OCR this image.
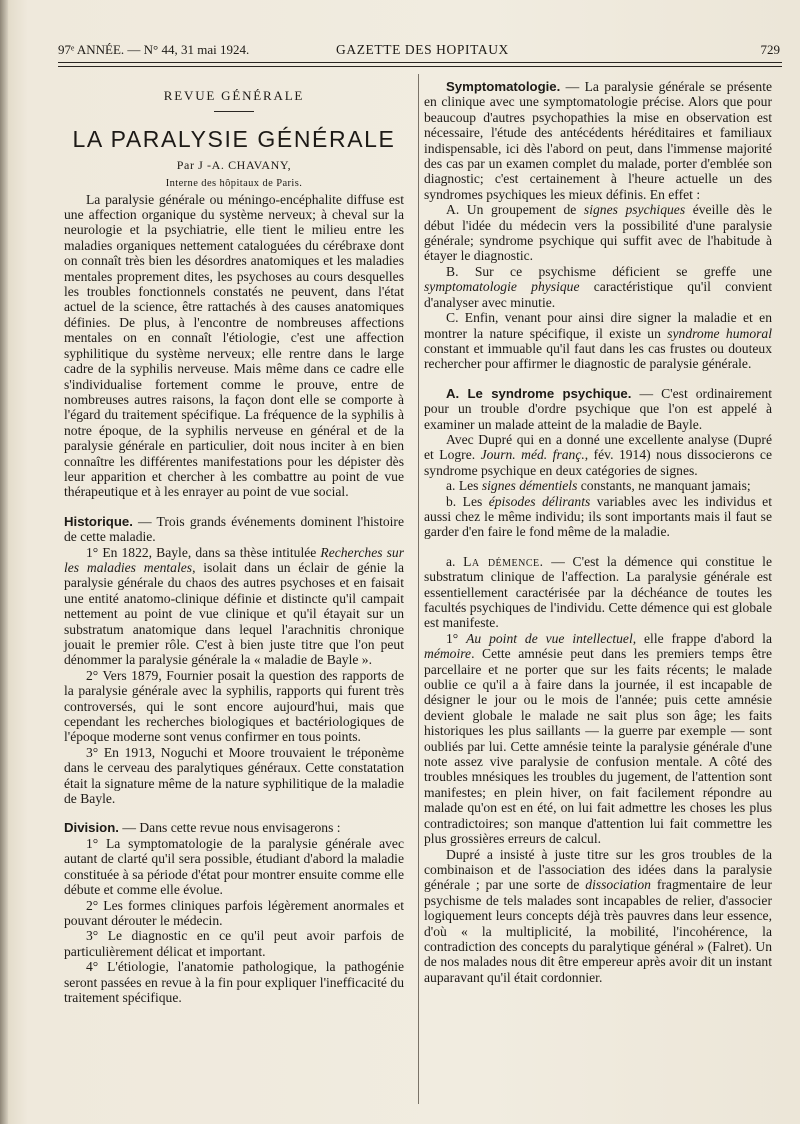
97ᵉ ANNÉE. — N° 44, 31 mai 1924.	GAZETTE DES HOPITAUX	729
REVUE GÉNÉRALE
LA PARALYSIE GÉNÉRALE
Par J -A. CHAVANY,
Interne des hôpitaux de Paris.

La paralysie générale ou méningo-encéphalite diffuse est une affection organique du système nerveux; à cheval sur la neurologie et la psychiatrie, elle tient le milieu entre les maladies organiques nettement cataloguées du cérébraxe dont on connaît très bien les désordres anatomiques et les maladies mentales proprement dites, les psychoses au cours desquelles les troubles fonctionnels constatés ne peuvent, dans l'état actuel de la science, être rattachés à des causes anatomiques définies. De plus, à l'encontre de nombreuses affections mentales on en connaît l'étiologie, c'est une affection syphilitique du système nerveux; elle rentre dans le large cadre de la syphilis nerveuse. Mais même dans ce cadre elle s'individualise fortement comme le prouve, entre de nombreuses autres raisons, la façon dont elle se comporte à l'égard du traitement spécifique. La fréquence de la syphilis à notre époque, de la syphilis nerveuse en général et de la paralysie générale en particulier, doit nous inciter à en bien connaître les différentes manifestations pour les dépister dès leur apparition et chercher à les combattre au point de vue thérapeutique et à les enrayer au point de vue social.

Historique. — Trois grands événements dominent l'histoire de cette maladie.

1° En 1822, Bayle, dans sa thèse intitulée Recherches sur les maladies mentales, isolait dans un éclair de génie la paralysie générale du chaos des autres psychoses et en faisait une entité anatomo-clinique définie et distincte qu'il campait nettement au point de vue clinique et qu'il étayait sur un substratum anatomique dans lequel l'arachnitis chronique jouait le premier rôle. C'est à bien juste titre que l'on peut dénommer la paralysie générale la « maladie de Bayle ».

2° Vers 1879, Fournier posait la question des rapports de la paralysie générale avec la syphilis, rapports qui furent très controversés, qui le sont encore aujourd'hui, mais que cependant les recherches biologiques et bactériologiques de l'époque moderne sont venus confirmer en tous points.

3° En 1913, Noguchi et Moore trouvaient le tréponème dans le cerveau des paralytiques généraux. Cette constatation était la signature même de la nature syphilitique de la maladie de Bayle.

Division. — Dans cette revue nous envisagerons :

1° La symptomatologie de la paralysie générale avec autant de clarté qu'il sera possible, étudiant d'abord la maladie constituée à sa période d'état pour montrer ensuite comme elle débute et comme elle évolue.

2° Les formes cliniques parfois légèrement anormales et pouvant dérouter le médecin.

3° Le diagnostic en ce qu'il peut avoir parfois de particulièrement délicat et important.

4° L'étiologie, l'anatomie pathologique, la pathogénie seront passées en revue à la fin pour expliquer l'inefficacité du traitement spécifique.

Symptomatologie. — La paralysie générale se présente en clinique avec une symptomatologie précise. Alors que pour beaucoup d'autres psychopathies la mise en observation est nécessaire, l'étude des antécédents héréditaires et familiaux indispensable, ici dès l'abord on peut, dans l'immense majorité des cas par un examen complet du malade, porter d'emblée son diagnostic; c'est certainement à l'heure actuelle un des syndromes psychiques les mieux définis. En effet :

A. Un groupement de signes psychiques éveille dès le début l'idée du médecin vers la possibilité d'une paralysie générale; syndrome psychique qui suffit avec de l'habitude à étayer le diagnostic.

B. Sur ce psychisme déficient se greffe une symptomatologie physique caractéristique qu'il convient d'analyser avec minutie.

C. Enfin, venant pour ainsi dire signer la maladie et en montrer la nature spécifique, il existe un syndrome humoral constant et immuable qu'il faut dans les cas frustes ou douteux rechercher pour affirmer le diagnostic de paralysie générale.

A. Le syndrome psychique. — C'est ordinairement pour un trouble d'ordre psychique que l'on est appelé à examiner un malade atteint de la maladie de Bayle.

Avec Dupré qui en a donné une excellente analyse (Dupré et Logre. Journ. méd. franç., fév. 1914) nous dissocierons ce syndrome psychique en deux catégories de signes.

a. Les signes démentiels constants, ne manquant jamais;

b. Les épisodes délirants variables avec les individus et aussi chez le même individu; ils sont importants mais il faut se garder d'en faire le fond même de la maladie.

a. La démence. — C'est la démence qui constitue le substratum clinique de l'affection. La paralysie générale est essentiellement caractérisée par la déchéance de toutes les facultés psychiques de l'individu. Cette démence qui est globale est manifeste.

1° Au point de vue intellectuel, elle frappe d'abord la mémoire. Cette amnésie peut dans les premiers temps être parcellaire et ne porter que sur les faits récents; le malade oublie ce qu'il a à faire dans la journée, il est incapable de désigner le jour ou le mois de l'année; puis cette amnésie devient globale le malade ne sait plus son âge; les faits historiques les plus saillants — la guerre par exemple — sont oubliés par lui. Cette amnésie teinte la paralysie générale d'une note assez vive paralysie de confusion mentale. A côté des troubles mnésiques les troubles du jugement, de l'attention sont manifestes; en plein hiver, on fait facilement répondre au malade qu'on est en été, on lui fait admettre les choses les plus contradictoires; son manque d'attention lui fait commettre les plus grossières erreurs de calcul.

Dupré a insisté à juste titre sur les gros troubles de la combinaison et de l'association des idées dans la paralysie générale ; par une sorte de dissociation fragmentaire de leur psychisme de tels malades sont incapables de relier, d'associer logiquement leurs concepts déjà très pauvres dans leur essence, d'où « la multiplicité, la mobilité, l'incohérence, la contradiction des concepts du paralytique général » (Falret). Un de nos malades nous dit être empereur après avoir dit un instant auparavant qu'il était cordonnier.
